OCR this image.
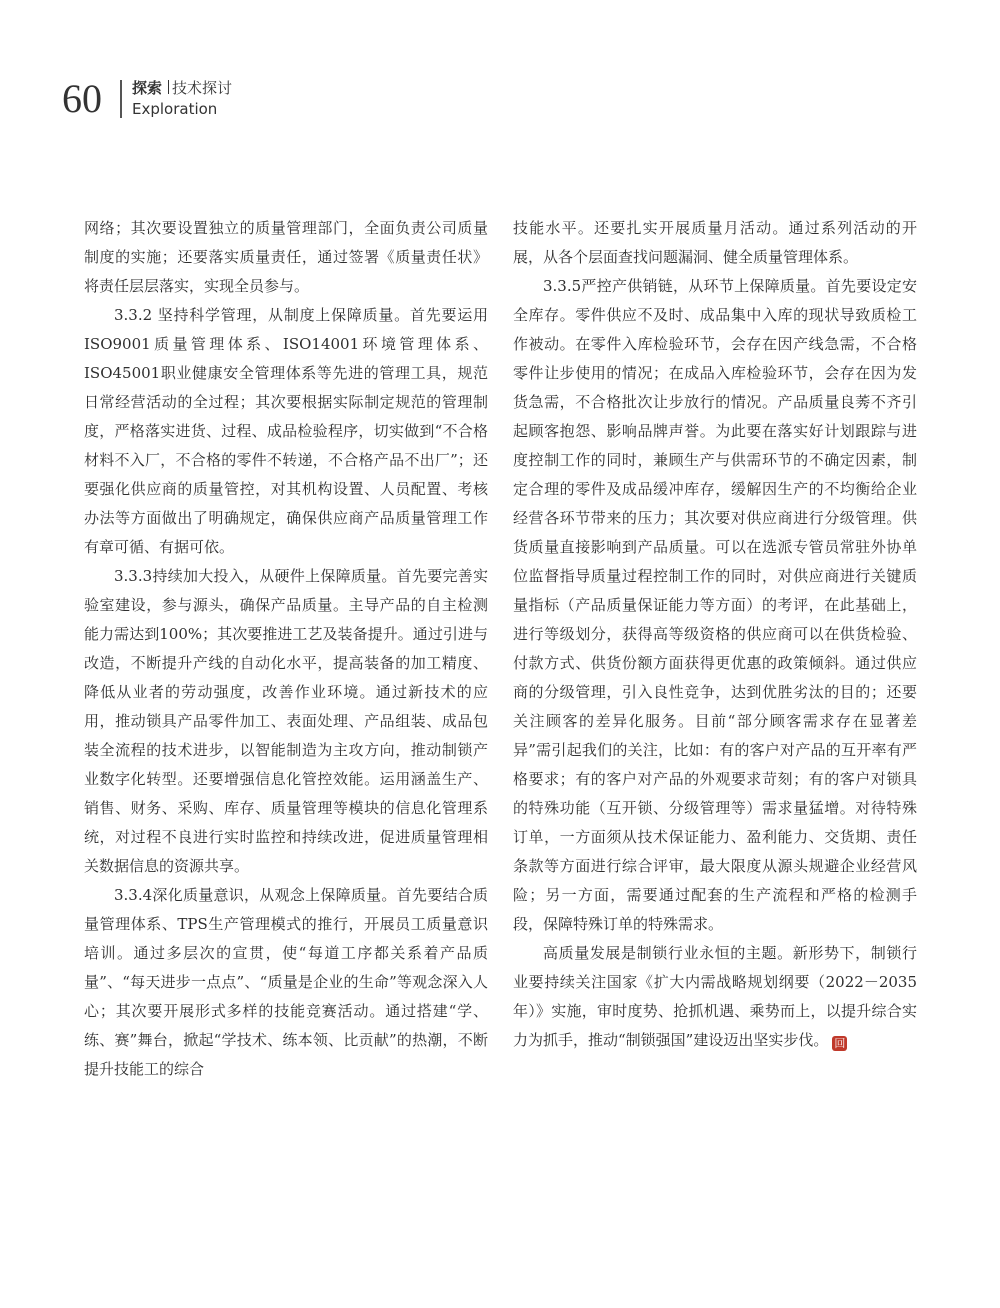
60 探索 技术探讨
Exploration

网络；其次要设置独立的质量管理部门，全面负责公司质量制度的实施；还要落实质量责任，通过签署《质量责任状》将责任层层落实，实现全员参与。

3.3.2 坚持科学管理，从制度上保障质量。首先要运用ISO9001质量管理体系、ISO14001环境管理体系、ISO45001职业健康安全管理体系等先进的管理工具，规范日常经营活动的全过程；其次要根据实际制定规范的管理制度，严格落实进货、过程、成品检验程序，切实做到“不合格材料不入厂，不合格的零件不转递，不合格产品不出厂”；还要强化供应商的质量管控，对其机构设置、人员配置、考核办法等方面做出了明确规定，确保供应商产品质量管理工作有章可循、有据可依。

3.3.3持续加大投入，从硬件上保障质量。首先要完善实验室建设，参与源头，确保产品质量。主导产品的自主检测能力需达到100%；其次要推进工艺及装备提升。通过引进与改造，不断提升产线的自动化水平，提高装备的加工精度、降低从业者的劳动强度，改善作业环境。通过新技术的应用，推动锁具产品零件加工、表面处理、产品组装、成品包装全流程的技术进步，以智能制造为主攻方向，推动制锁产业数字化转型。还要增强信息化管控效能。运用涵盖生产、销售、财务、采购、库存、质量管理等模块的信息化管理系统，对过程不良进行实时监控和持续改进，促进质量管理相关数据信息的资源共享。

3.3.4深化质量意识，从观念上保障质量。首先要结合质量管理体系、TPS生产管理模式的推行，开展员工质量意识培训。通过多层次的宣贯，使“每道工序都关系着产品质量”、“每天进步一点点”、“质量是企业的生命”等观念深入人心；其次要开展形式多样的技能竞赛活动。通过搭建“学、练、赛”舞台，掀起“学技术、练本领、比贡献”的热潮，不断提升技能工的综合

技能水平。还要扎实开展质量月活动。通过系列活动的开展，从各个层面查找问题漏洞、健全质量管理体系。

3.3.5严控产供销链，从环节上保障质量。首先要设定安全库存。零件供应不及时、成品集中入库的现状导致质检工作被动。在零件入库检验环节，会存在因产线急需，不合格零件让步使用的情况；在成品入库检验环节，会存在因为发货急需，不合格批次让步放行的情况。产品质量良莠不齐引起顾客抱怨、影响品牌声誉。为此要在落实好计划跟踪与进度控制工作的同时，兼顾生产与供需环节的不确定因素，制定合理的零件及成品缓冲库存，缓解因生产的不均衡给企业经营各环节带来的压力；其次要对供应商进行分级管理。供货质量直接影响到产品质量。可以在选派专管员常驻外协单位监督指导质量过程控制工作的同时，对供应商进行关键质量指标（产品质量保证能力等方面）的考评，在此基础上，进行等级划分，获得高等级资格的供应商可以在供货检验、付款方式、供货份额方面获得更优惠的政策倾斜。通过供应商的分级管理，引入良性竞争，达到优胜劣汰的目的；还要关注顾客的差异化服务。目前“部分顾客需求存在显著差异”需引起我们的关注，比如：有的客户对产品的互开率有严格要求；有的客户对产品的外观要求苛刻；有的客户对锁具的特殊功能（互开锁、分级管理等）需求量猛增。对待特殊订单，一方面须从技术保证能力、盈利能力、交货期、责任条款等方面进行综合评审，最大限度从源头规避企业经营风险；另一方面，需要通过配套的生产流程和严格的检测手段，保障特殊订单的特殊需求。

高质量发展是制锁行业永恒的主题。新形势下，制锁行业要持续关注国家《扩大内需战略规划纲要（2022－2035年）》实施，审时度势、抢抓机遇、乘势而上，以提升综合实力为抓手，推动“制锁强国”建设迈出坚实步伐。 回
